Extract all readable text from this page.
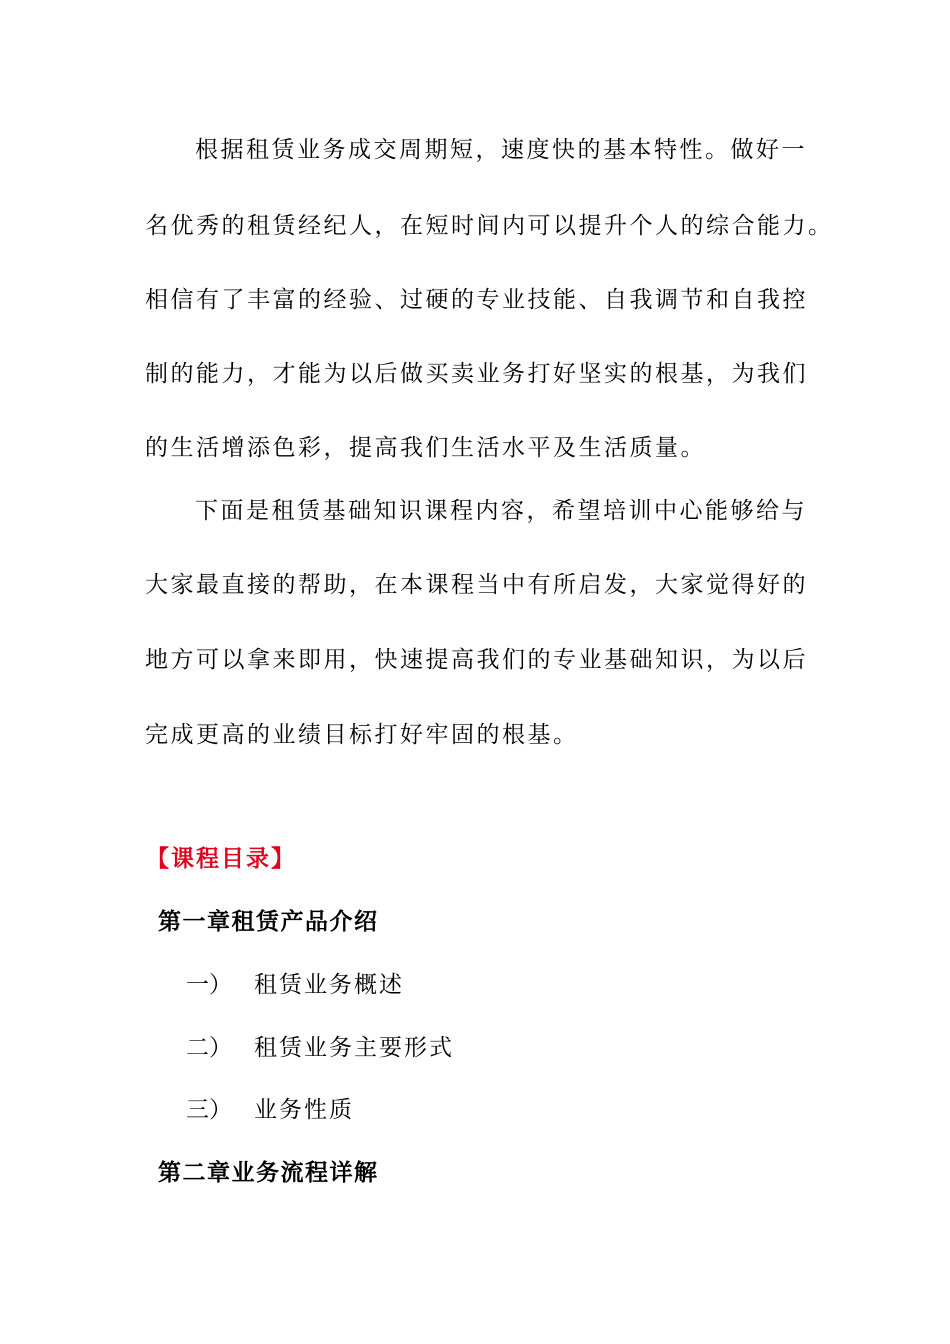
根据租赁业务成交周期短，速度快的基本特性。做好一
名优秀的租赁经纪人，在短时间内可以提升个人的综合能力。
相信有了丰富的经验、过硬的专业技能、自我调节和自我控
制的能力，才能为以后做买卖业务打好坚实的根基，为我们
的生活增添色彩，提高我们生活水平及生活质量。
下面是租赁基础知识课程内容，希望培训中心能够给与
大家最直接的帮助，在本课程当中有所启发，大家觉得好的
地方可以拿来即用，快速提高我们的专业基础知识，为以后
完成更高的业绩目标打好牢固的根基。
【课程目录】
第一章租赁产品介绍
一） 租赁业务概述
二） 租赁业务主要形式
三） 业务性质
第二章业务流程详解
